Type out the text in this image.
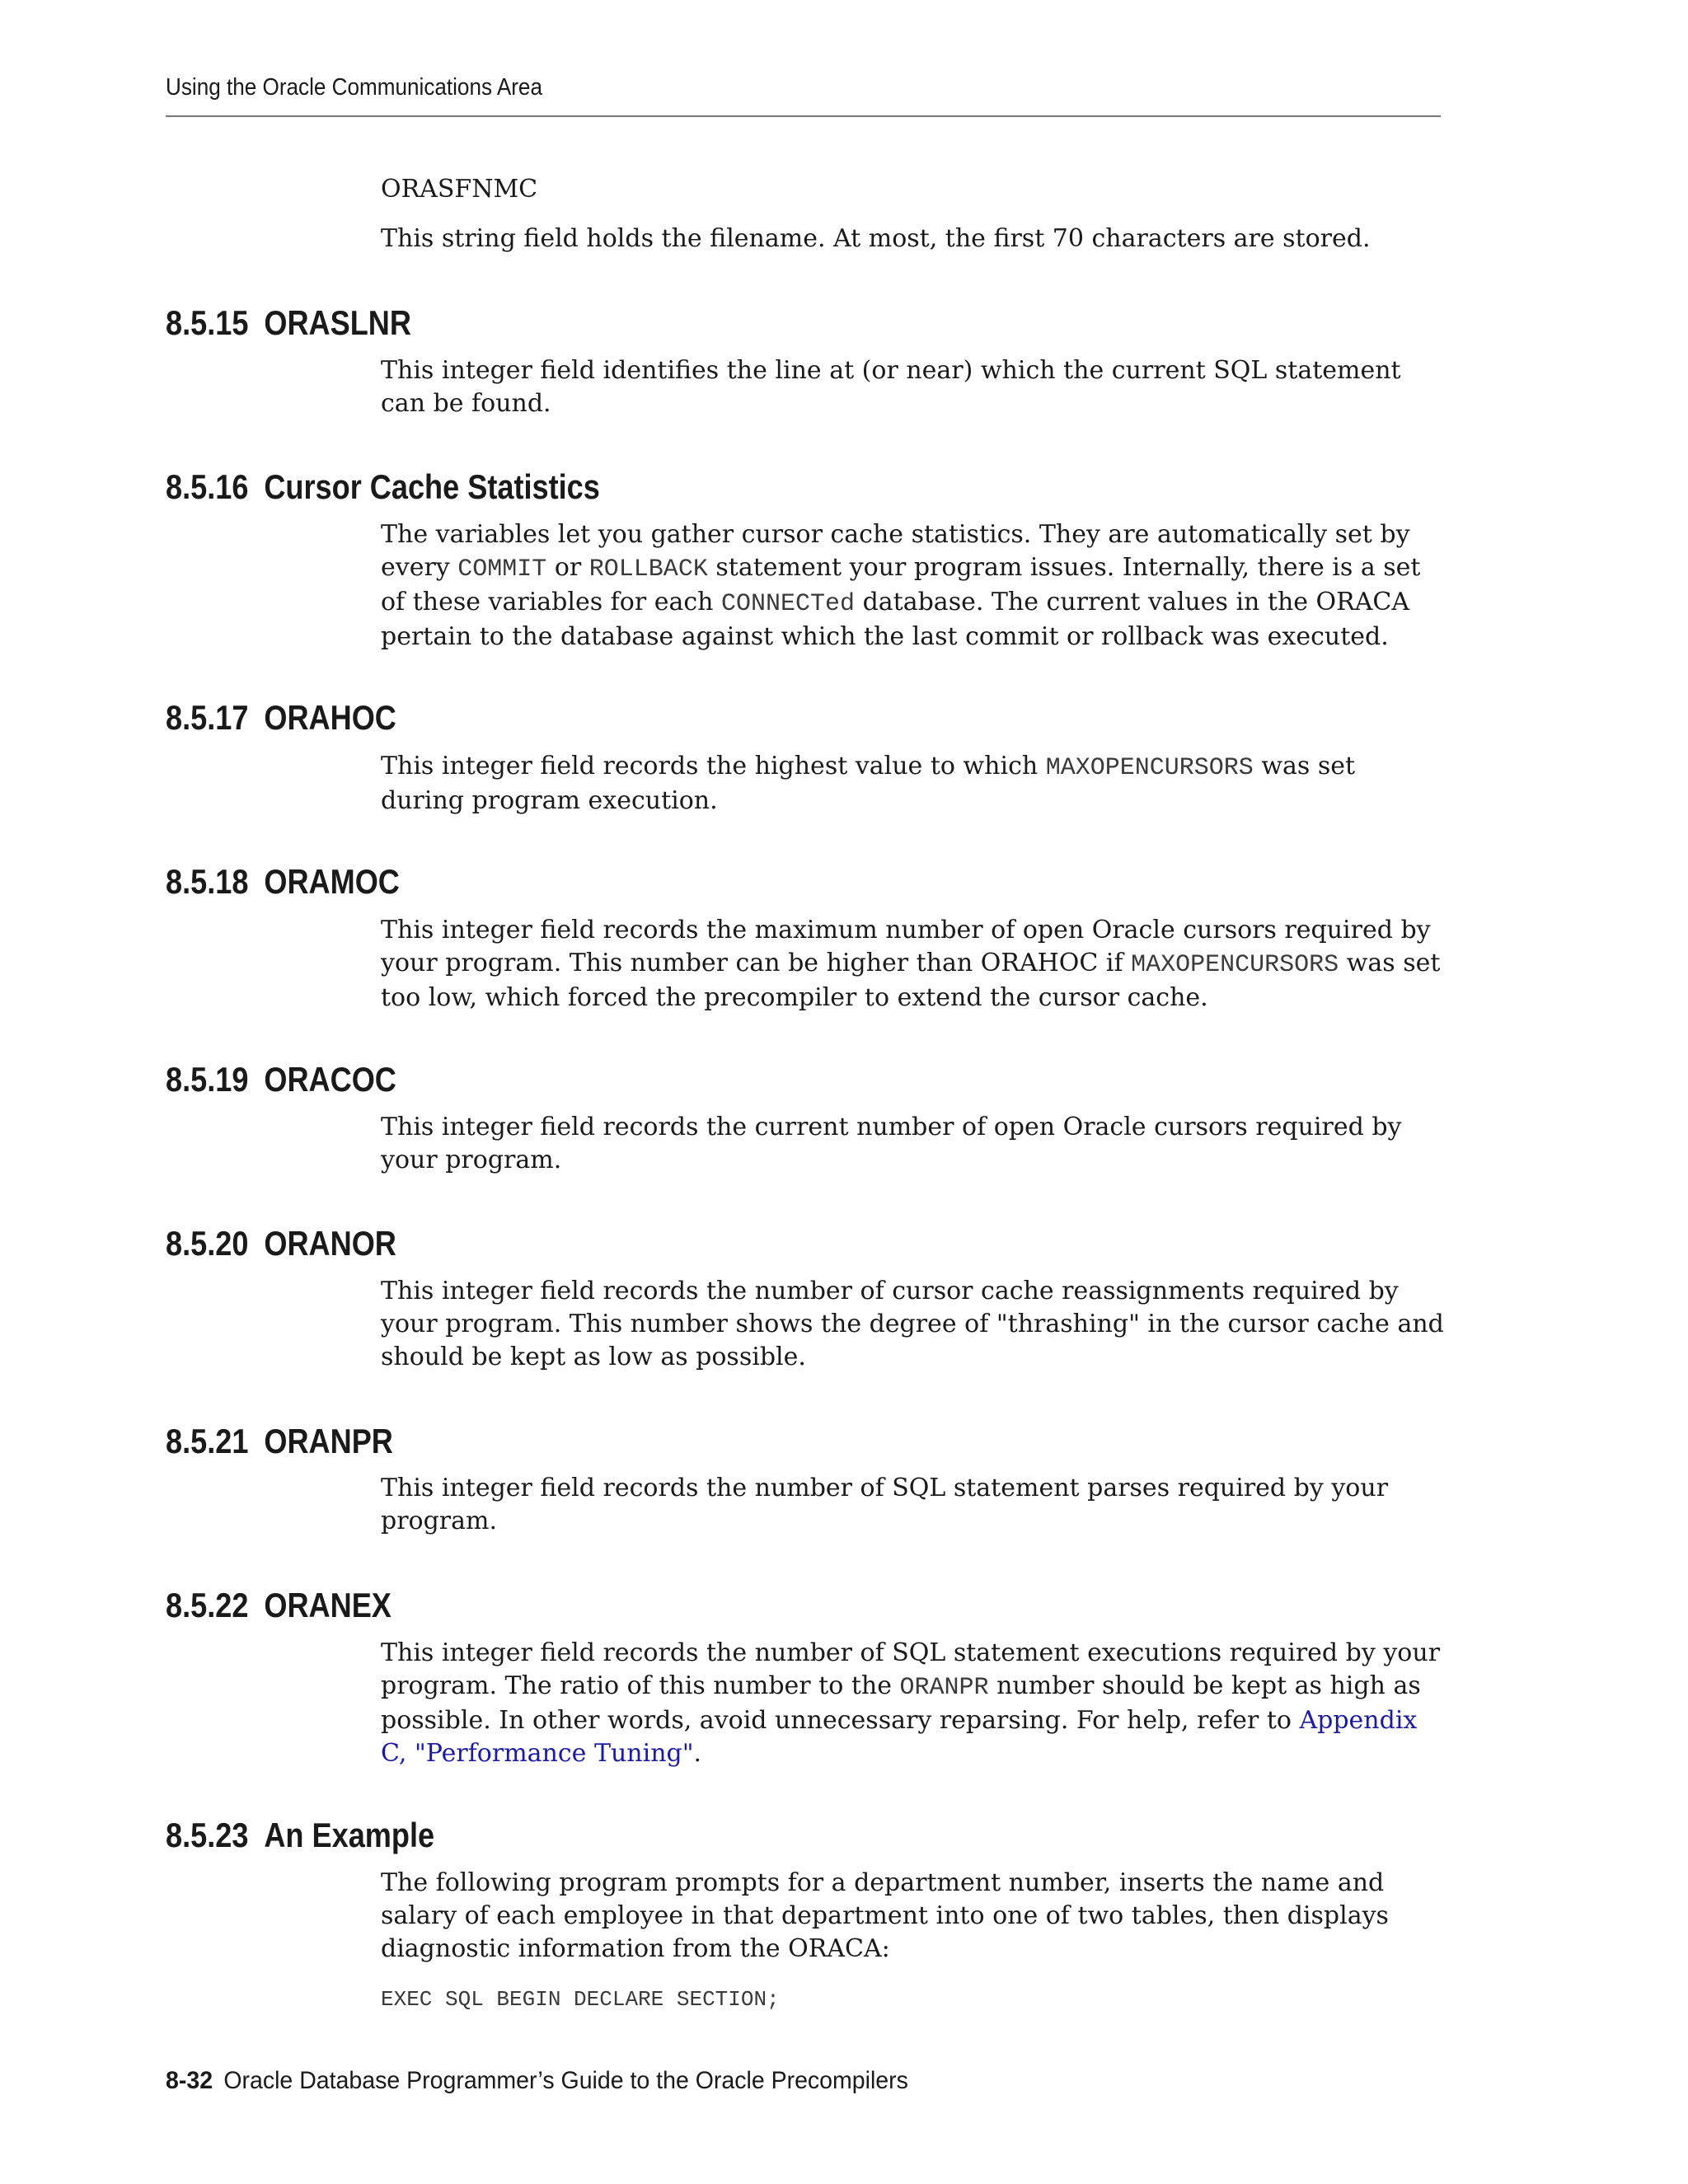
Using the Oracle Communications Area

ORASFNMC

This string field holds the filename. At most, the first 70 characters are stored.

8.5.15 ORASLNR

This integer field identifies the line at (or near) which the current SQL statement can be found.

8.5.16 Cursor Cache Statistics

The variables let you gather cursor cache statistics. They are automatically set by every COMMIT or ROLLBACK statement your program issues. Internally, there is a set of these variables for each CONNECTed database. The current values in the ORACA pertain to the database against which the last commit or rollback was executed.

8.5.17 ORAHOC

This integer field records the highest value to which MAXOPENCURSORS was set during program execution.

8.5.18 ORAMOC

This integer field records the maximum number of open Oracle cursors required by your program. This number can be higher than ORAHOC if MAXOPENCURSORS was set too low, which forced the precompiler to extend the cursor cache.

8.5.19 ORACOC

This integer field records the current number of open Oracle cursors required by your program.

8.5.20 ORANOR

This integer field records the number of cursor cache reassignments required by your program. This number shows the degree of "thrashing" in the cursor cache and should be kept as low as possible.

8.5.21 ORANPR

This integer field records the number of SQL statement parses required by your program.

8.5.22 ORANEX

This integer field records the number of SQL statement executions required by your program. The ratio of this number to the ORANPR number should be kept as high as possible. In other words, avoid unnecessary reparsing. For help, refer to Appendix C, "Performance Tuning".

8.5.23 An Example

The following program prompts for a department number, inserts the name and salary of each employee in that department into one of two tables, then displays diagnostic information from the ORACA:

EXEC SQL BEGIN DECLARE SECTION;
8-32 Oracle Database Programmer’s Guide to the Oracle Precompilers
